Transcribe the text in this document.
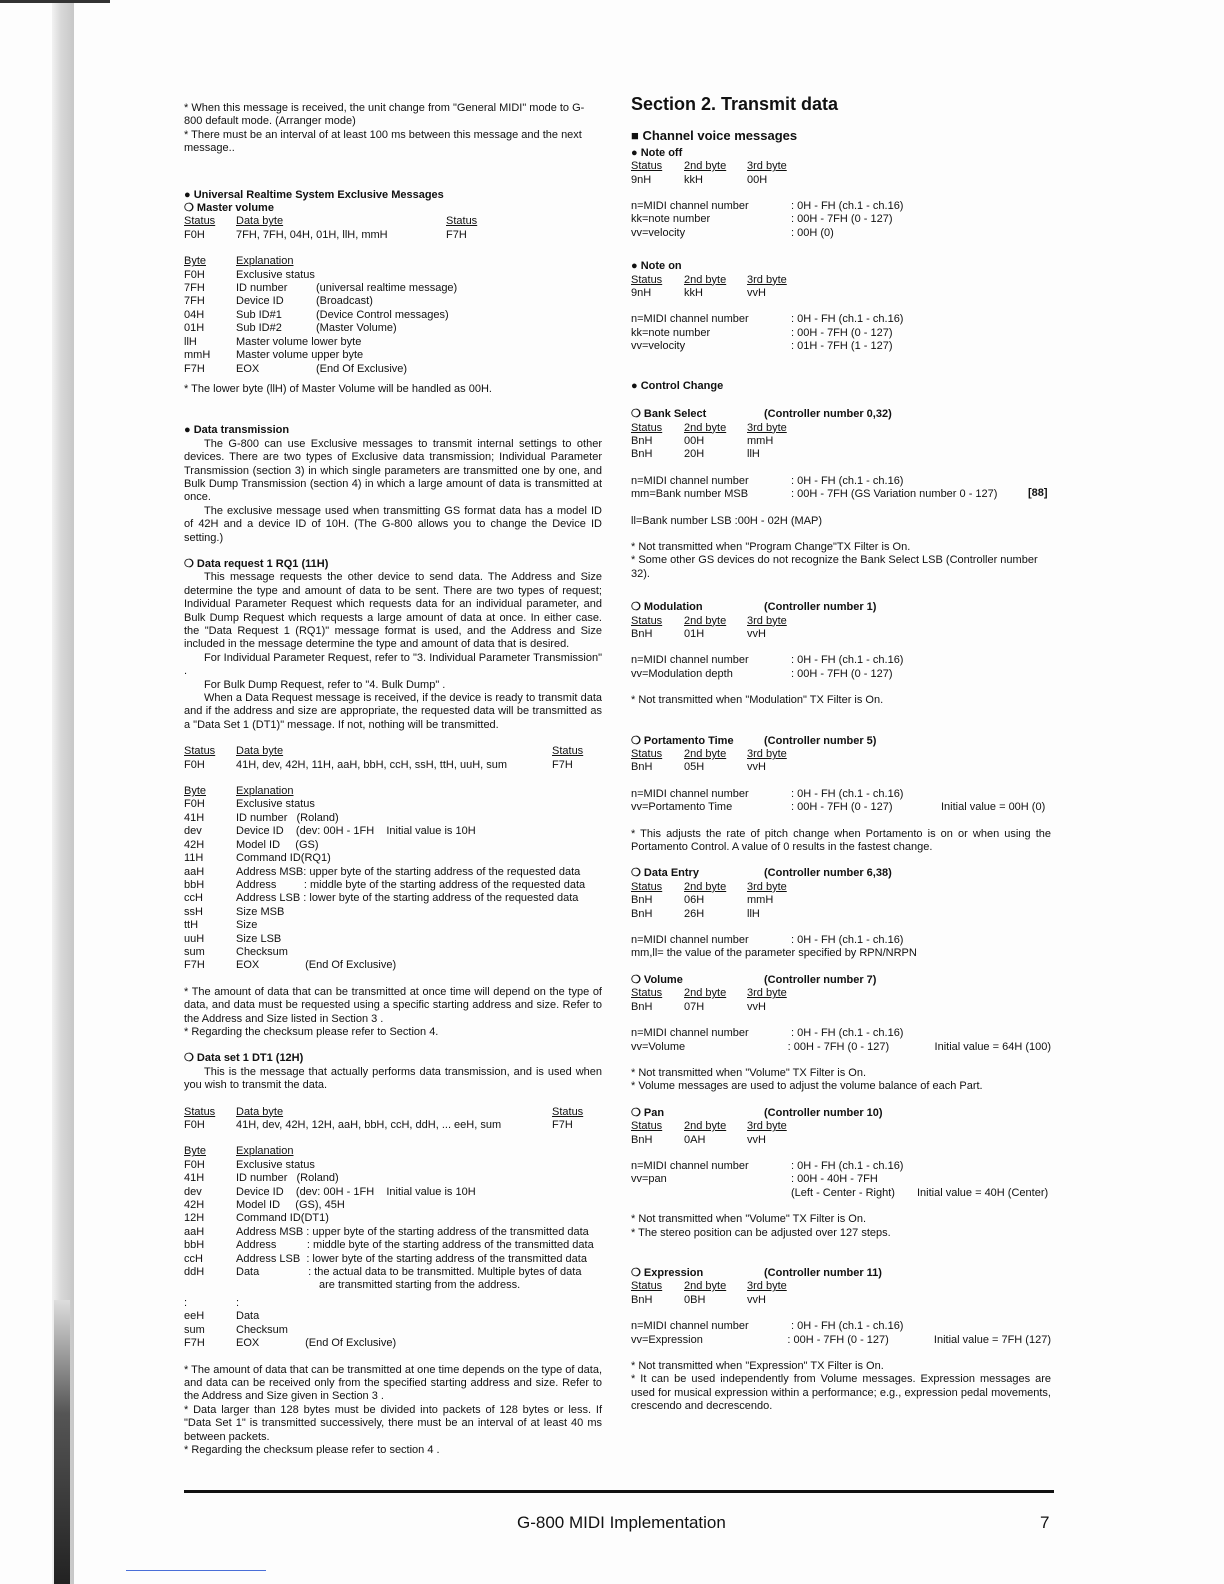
* When this message is received, the unit change from "General MIDI" mode to G-800 default mode. (Arranger mode)

* There must be an interval of at least 100 ms between this message and the next message..

● Universal Realtime System Exclusive Messages

❍ Master volume

Status	Data byte	Status
F0H	7FH, 7FH, 04H, 01H, llH, mmH	F7H
Byte	Explanation
F0H	Exclusive status
7FH	ID number	(universal realtime message)
7FH	Device ID	(Broadcast)
04H	Sub ID#1	(Device Control messages)
01H	Sub ID#2	(Master Volume)
llH	Master volume lower byte
mmH	Master volume upper byte
F7H	EOX	(End Of Exclusive)

* The lower byte (llH) of Master Volume will be handled as 00H.

● Data transmission

The G-800 can use Exclusive messages to transmit internal settings to other devices. There are two types of Exclusive data transmission; Individual Parameter Transmission (section 3) in which single parameters are transmitted one by one, and Bulk Dump Transmission (section 4) in which a large amount of data is transmitted at once.

The exclusive message used when transmitting GS format data has a model ID of 42H and a device ID of 10H. (The G-800 allows you to change the Device ID setting.)

❍ Data request 1 RQ1 (11H)

This message requests the other device to send data. The Address and Size determine the type and amount of data to be sent. There are two types of request; Individual Parameter Request which requests data for an individual parameter, and Bulk Dump Request which requests a large amount of data at once. In either case. the "Data Request 1 (RQ1)" message format is used, and the Address and Size included in the message determine the type and amount of data that is desired.

For Individual Parameter Request, refer to "3. Individual Parameter Transmission" .

For Bulk Dump Request, refer to "4. Bulk Dump" .

When a Data Request message is received, if the device is ready to transmit data and if the address and size are appropriate, the requested data will be transmitted as a "Data Set 1 (DT1)" message. If not, nothing will be transmitted.

Status	Data byte	Status
F0H	41H, dev, 42H, 11H, aaH, bbH, ccH, ssH, ttH, uuH, sum	F7H
Byte	Explanation
F0H	Exclusive status
41H	ID number   (Roland)
dev	Device ID    (dev: 00H - 1FH    Initial value is 10H
42H	Model ID     (GS)
11H	Command ID(RQ1)
aaH	Address MSB: upper byte of the starting address of the requested data
bbH	Address         : middle byte of the starting address of the requested data
ccH	Address LSB : lower byte of the starting address of the requested data
ssH	Size MSB
ttH	Size
uuH	Size LSB
sum	Checksum
F7H	EOX               (End Of Exclusive)

* The amount of data that can be transmitted at once time will depend on the type of data, and data must be requested using a specific starting address and size. Refer to the Address and Size listed in Section 3 .

* Regarding the checksum please refer to Section 4.

❍ Data set 1 DT1 (12H)

This is the message that actually performs data transmission, and is used when you wish to transmit the data.

Status	Data byte	Status
F0H	41H, dev, 42H, 12H, aaH, bbH, ccH, ddH, ... eeH, sum	F7H
Byte	Explanation
F0H	Exclusive status
41H	ID number   (Roland)
dev	Device ID    (dev: 00H - 1FH    Initial value is 10H
42H	Model ID     (GS), 45H
12H	Command ID(DT1)
aaH	Address MSB : upper byte of the starting address of the transmitted data
bbH	Address          : middle byte of the starting address of the transmitted data
ccH	Address LSB  : lower byte of the starting address of the transmitted data
ddH	Data                : the actual data to be transmitted. Multiple bytes of data
are transmitted starting from the address.
:	:
eeH	Data
sum	Checksum
F7H	EOX               (End Of Exclusive)

* The amount of data that can be transmitted at one time depends on the type of data, and data can be received only from the specified starting address and size. Refer to the Address and Size given in Section 3 .

* Data larger than 128 bytes must be divided into packets of 128 bytes or less. If "Data Set 1" is transmitted successively, there must be an interval of at least 40 ms between packets.

* Regarding the checksum please refer to section 4 .

Section 2. Transmit data
■ Channel voice messages

● Note off

Status	2nd byte	3rd byte
9nH	kkH	00H
n=MIDI channel number	: 0H - FH (ch.1 - ch.16)
kk=note number	: 00H - 7FH (0 - 127)
vv=velocity	: 00H (0)

● Note on

Status	2nd byte	3rd byte
9nH	kkH	vvH
n=MIDI channel number	: 0H - FH (ch.1 - ch.16)
kk=note number	: 00H - 7FH (0 - 127)
vv=velocity	: 01H - 7FH (1 - 127)

● Control Change

❍ Bank Select	(Controller number 0,32)
Status	2nd byte	3rd byte
BnH	00H	mmH
BnH	20H	llH
n=MIDI channel number	: 0H - FH (ch.1 - ch.16)
mm=Bank number MSB	: 00H - 7FH (GS Variation number 0 - 127)

ll=Bank number LSB :00H - 02H (MAP)

* Not transmitted when "Program Change"TX Filter is On.

* Some other GS devices do not recognize the Bank Select LSB (Controller number 32).

❍ Modulation	(Controller number 1)
Status	2nd byte	3rd byte
BnH	01H	vvH
n=MIDI channel number	: 0H - FH (ch.1 - ch.16)
vv=Modulation depth	: 00H - 7FH (0 - 127)

* Not transmitted when "Modulation" TX Filter is On.

❍ Portamento Time	(Controller number 5)
Status	2nd byte	3rd byte
BnH	05H	vvH
n=MIDI channel number	: 0H - FH (ch.1 - ch.16)
vv=Portamento Time	: 00H - 7FH (0 - 127)	Initial value = 00H (0)

* This adjusts the rate of pitch change when Portamento is on or when using the Portamento Control. A value of 0 results in the fastest change.

❍ Data Entry	(Controller number 6,38)
Status	2nd byte	3rd byte
BnH	06H	mmH
BnH	26H	llH
n=MIDI channel number	: 0H - FH (ch.1 - ch.16)

mm,ll= the value of the parameter specified by RPN/NRPN

❍ Volume	(Controller number 7)
Status	2nd byte	3rd byte
BnH	07H	vvH
n=MIDI channel number	: 0H - FH (ch.1 - ch.16)
vv=Volume	: 00H - 7FH (0 - 127)	Initial value = 64H (100)

* Not transmitted when "Volume" TX Filter is On.

* Volume messages are used to adjust the volume balance of each Part.

❍ Pan	(Controller number 10)
Status	2nd byte	3rd byte
BnH	0AH	vvH
n=MIDI channel number	: 0H - FH (ch.1 - ch.16)
vv=pan	: 00H - 40H - 7FH
(Left - Center - Right)	Initial value = 40H (Center)

* Not transmitted when "Volume" TX Filter is On.

* The stereo position can be adjusted over 127 steps.

❍ Expression	(Controller number 11)
Status	2nd byte	3rd byte
BnH	0BH	vvH
n=MIDI channel number	: 0H - FH (ch.1 - ch.16)
vv=Expression	: 00H - 7FH (0 - 127)	Initial value = 7FH (127)

* Not transmitted when "Expression" TX Filter is On.

* It can be used independently from Volume messages. Expression messages are used for musical expression within a performance; e.g., expression pedal movements, crescendo and decrescendo.

[88]
G-800 MIDI Implementation	7
